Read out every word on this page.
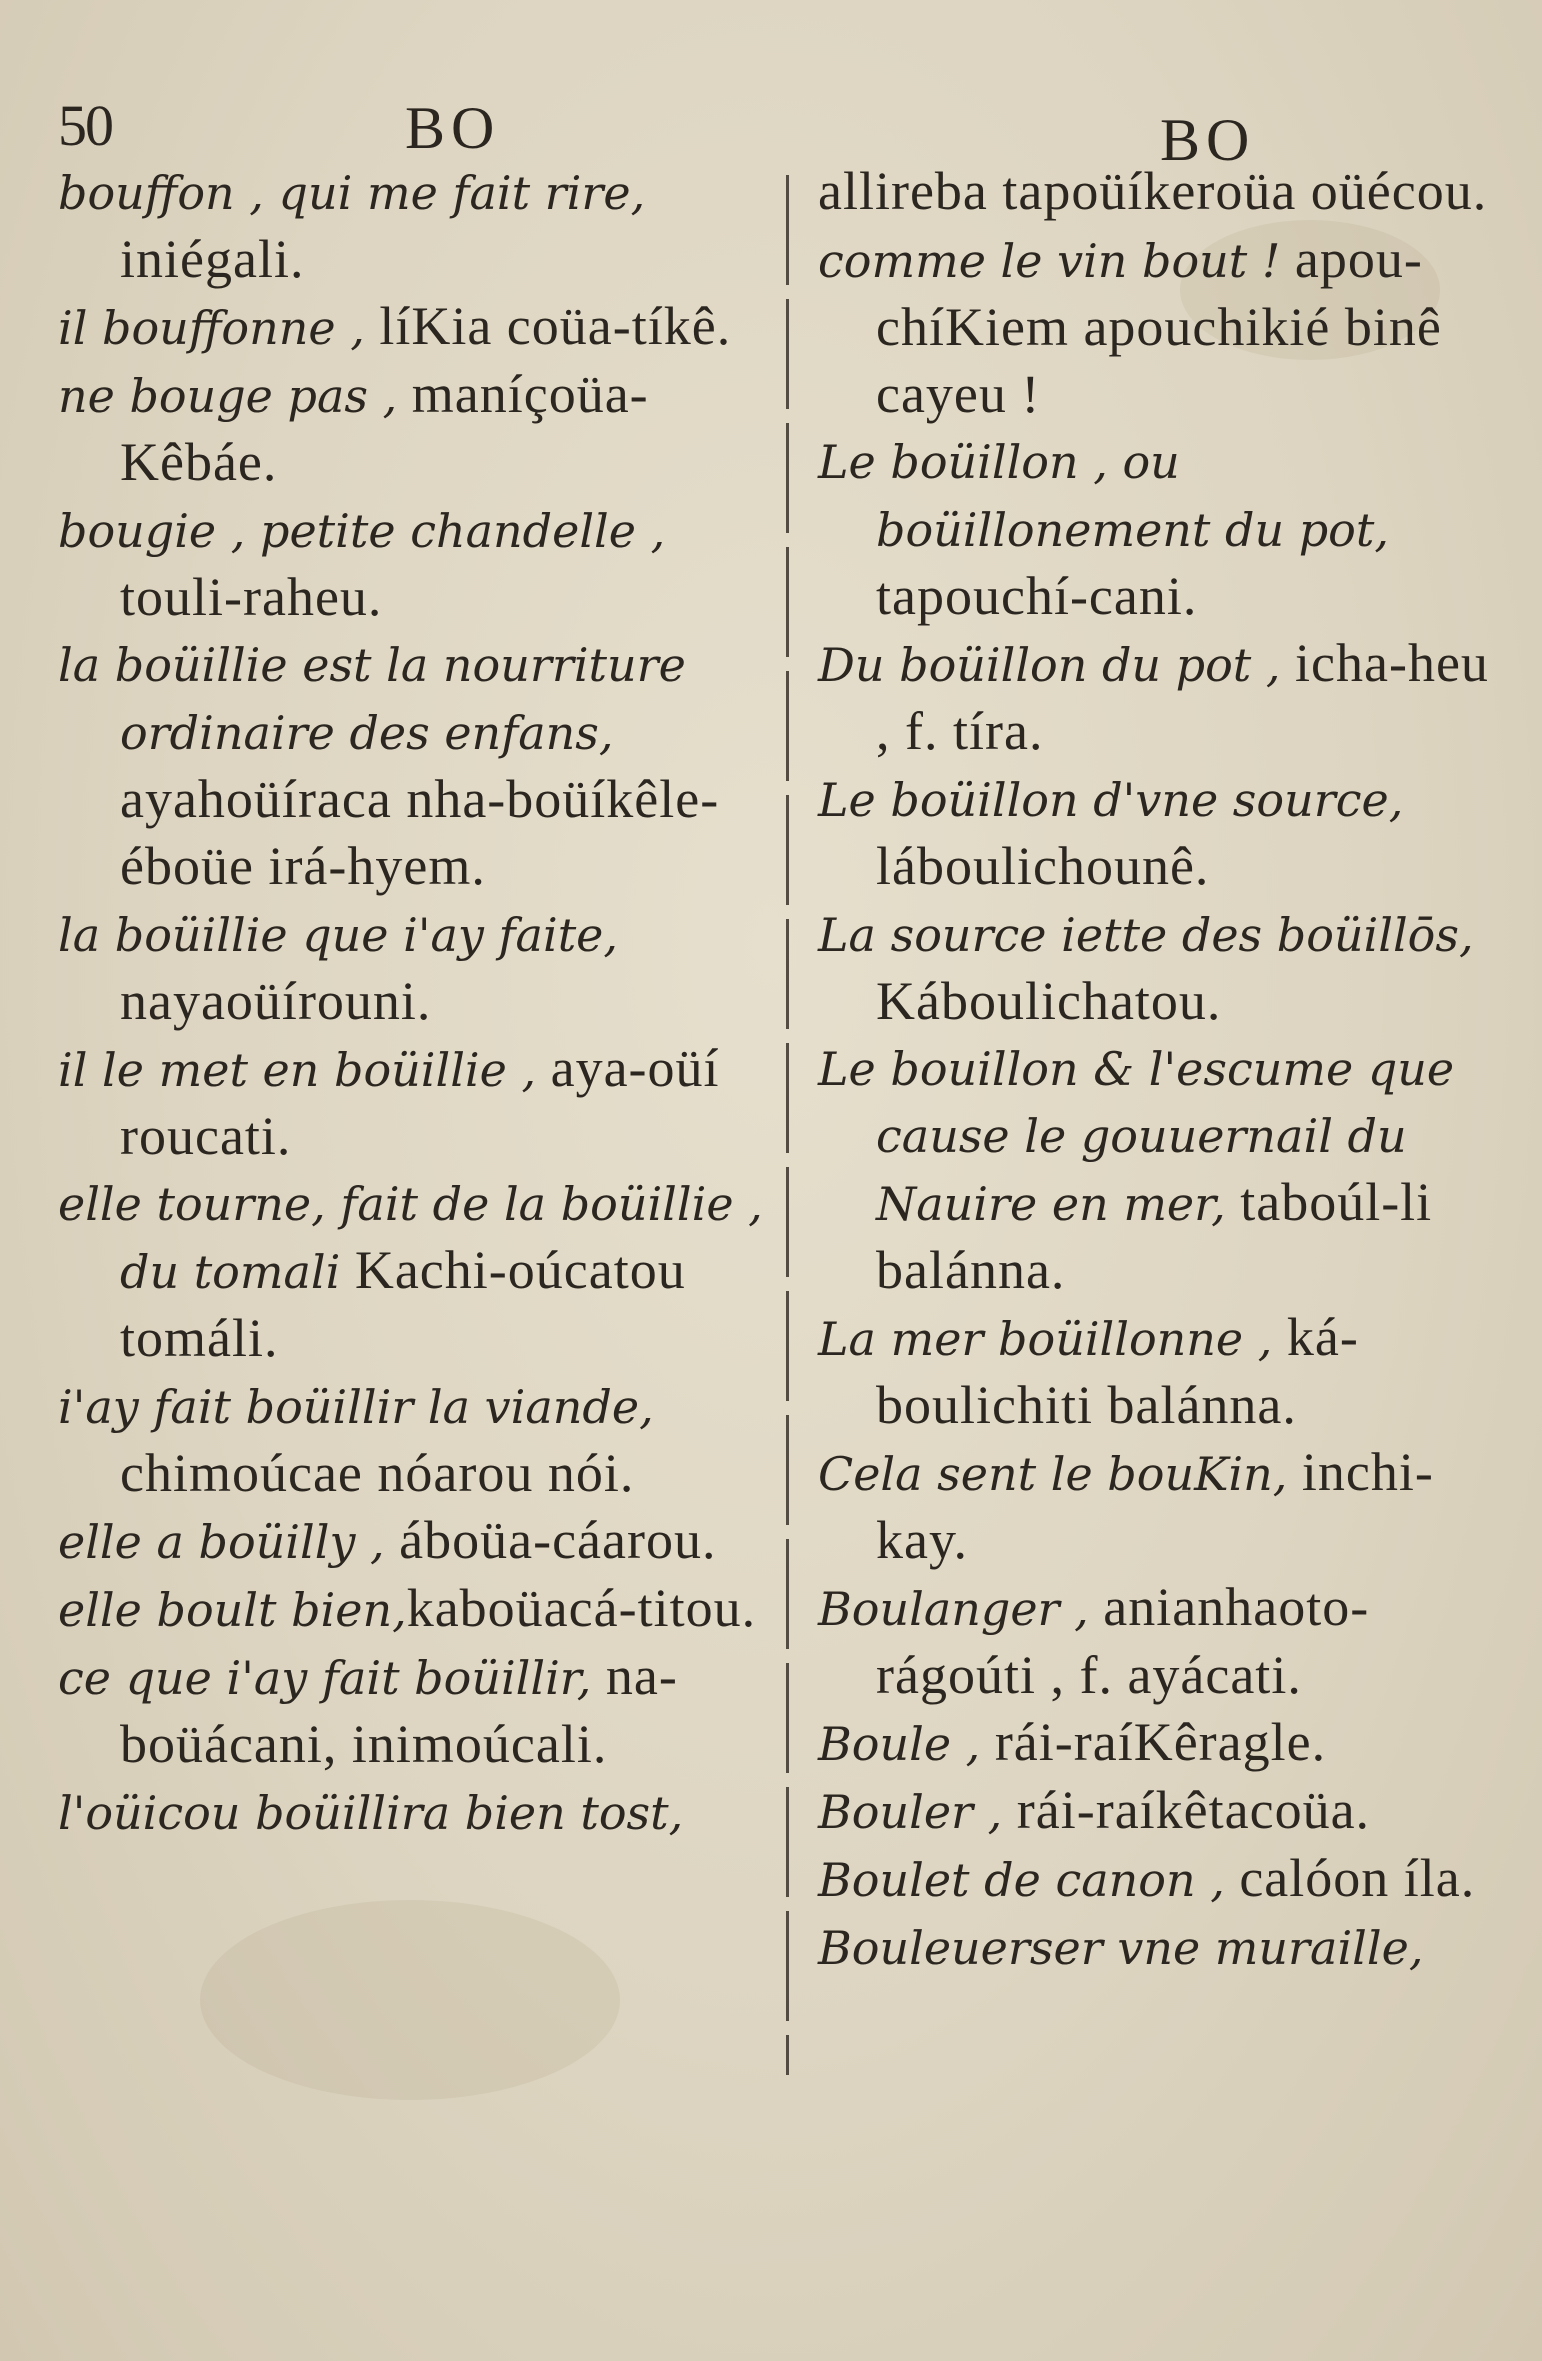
50	BO	BO

bouffon , qui me fait rire, iniégali.

il bouffonne , líKia coüa-tíkê.

ne bouge pas , maníçoüa-Kêbáe.

bougie , petite chandelle , touli-raheu.

la boüillie est la nourriture ordinaire des enfans, ayahoüíraca nha-boüíkêle-éboüe irá-hyem.

la boüillie que i'ay faite, nayaoüírouni.

il le met en boüillie , aya-oüí roucati.

elle tourne, fait de la boüillie , du tomali Kachi-oúcatou tomáli.

i'ay fait boüillir la viande, chimoúcae nóarou nói.

elle a boüilly , áboüa-cáarou.

elle boult bien,kaboüacá-titou.

ce que i'ay fait boüillir, na-boüácani, inimoúcali.

l'oüicou boüillira bien tost,

allireba tapoüíkeroüa oüécou.

comme le vin bout ! apou-chíKiem apouchikié binê cayeu !

Le boüillon , ou boüillonement du pot, tapouchí-cani.

Du boüillon du pot , icha-heu , f. tíra.

Le boüillon d'vne source, láboulichounê.

La source iette des boüillōs, Káboulichatou.

Le bouillon & l'escume que cause le gouuernail du Nauire en mer, taboúl-li balánna.

La mer boüillonne , ká-boulichiti balánna.

Cela sent le bouKin, inchi-kay.

Boulanger , anianhaoto-rágoúti , f. ayácati.

Boule , rái-raíKêragle.

Bouler , rái-raíkêtacoüa.

Boulet de canon , calóon íla.

Bouleuerser vne muraille,
